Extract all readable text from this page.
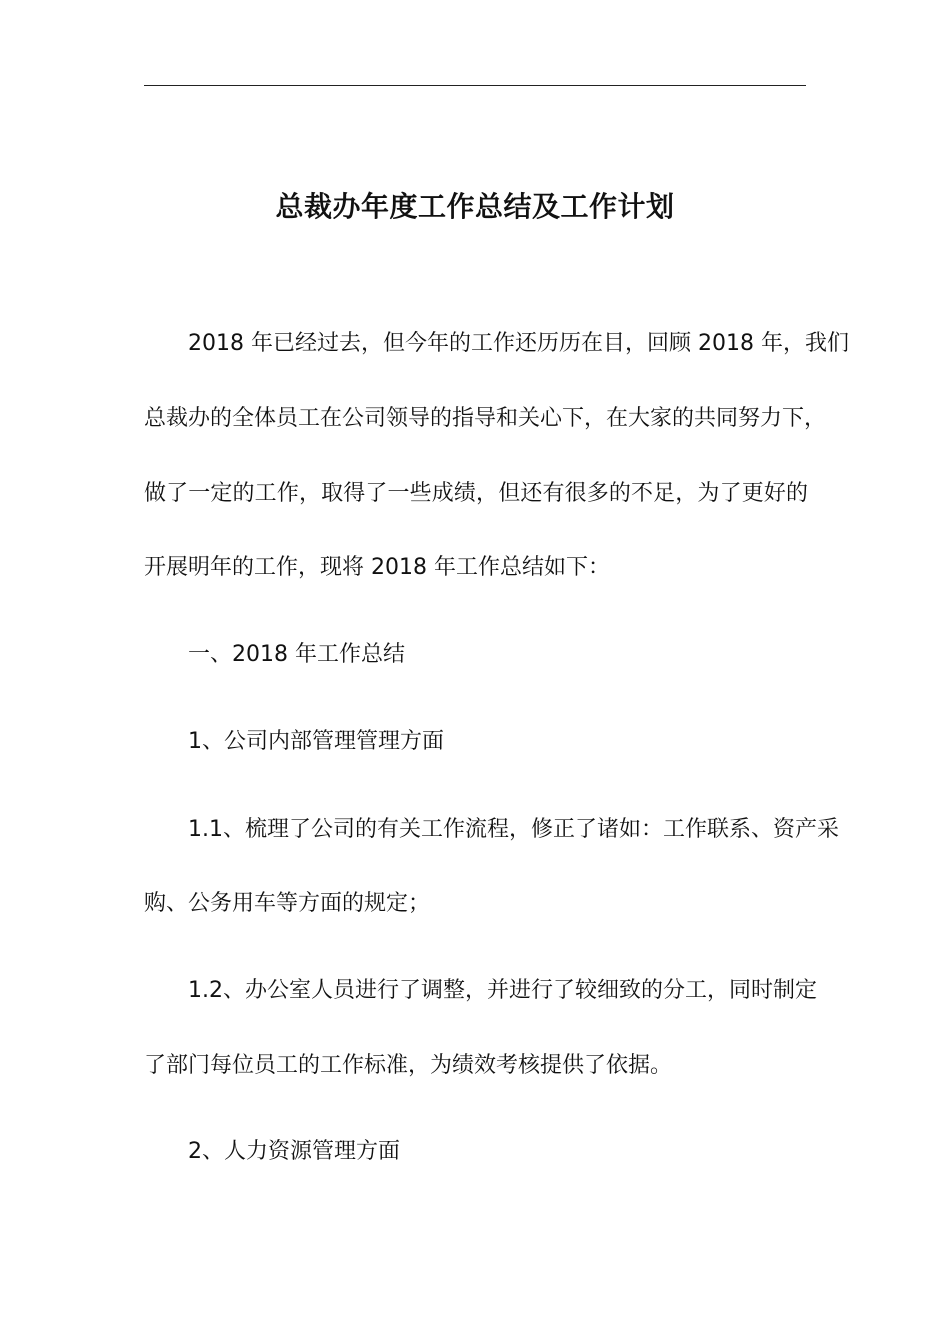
总裁办年度工作总结及工作计划
2018 年已经过去，但今年的工作还历历在目，回顾 2018 年，我们
总裁办的全体员工在公司领导的指导和关心下，在大家的共同努力下，
做了一定的工作，取得了一些成绩，但还有很多的不足，为了更好的
开展明年的工作，现将 2018 年工作总结如下：
一、2018 年工作总结
1、公司内部管理管理方面
1.1、梳理了公司的有关工作流程，修正了诸如：工作联系、资产采
购、公务用车等方面的规定；
1.2、办公室人员进行了调整，并进行了较细致的分工，同时制定
了部门每位员工的工作标准，为绩效考核提供了依据。
2、人力资源管理方面
